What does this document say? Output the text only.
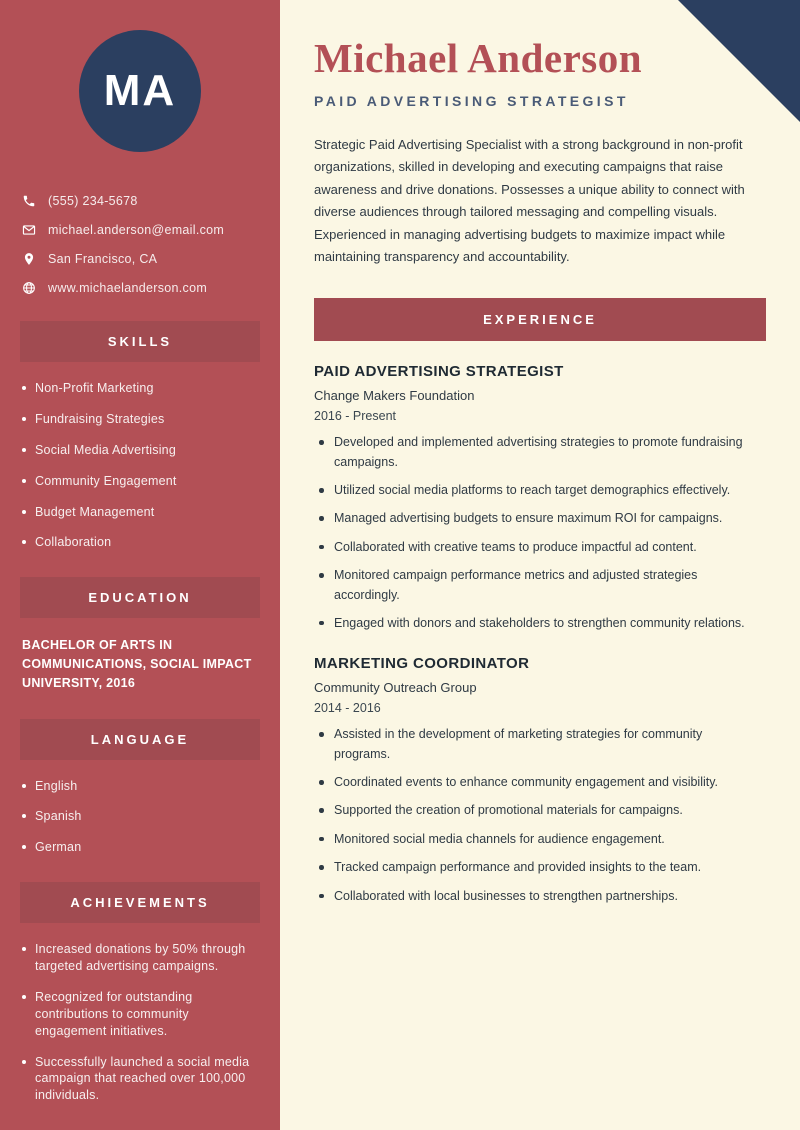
MA
(555) 234-5678
michael.anderson@email.com
San Francisco, CA
www.michaelanderson.com
SKILLS
Non-Profit Marketing
Fundraising Strategies
Social Media Advertising
Community Engagement
Budget Management
Collaboration
EDUCATION
BACHELOR OF ARTS IN COMMUNICATIONS, SOCIAL IMPACT UNIVERSITY, 2016
LANGUAGE
English
Spanish
German
ACHIEVEMENTS
Increased donations by 50% through targeted advertising campaigns.
Recognized for outstanding contributions to community engagement initiatives.
Successfully launched a social media campaign that reached over 100,000 individuals.
Michael Anderson
PAID ADVERTISING STRATEGIST

Strategic Paid Advertising Specialist with a strong background in non-profit organizations, skilled in developing and executing campaigns that raise awareness and drive donations. Possesses a unique ability to connect with diverse audiences through tailored messaging and compelling visuals. Experienced in managing advertising budgets to maximize impact while maintaining transparency and accountability.

EXPERIENCE
PAID ADVERTISING STRATEGIST
Change Makers Foundation
2016 - Present
Developed and implemented advertising strategies to promote fundraising campaigns.
Utilized social media platforms to reach target demographics effectively.
Managed advertising budgets to ensure maximum ROI for campaigns.
Collaborated with creative teams to produce impactful ad content.
Monitored campaign performance metrics and adjusted strategies accordingly.
Engaged with donors and stakeholders to strengthen community relations.
MARKETING COORDINATOR
Community Outreach Group
2014 - 2016
Assisted in the development of marketing strategies for community programs.
Coordinated events to enhance community engagement and visibility.
Supported the creation of promotional materials for campaigns.
Monitored social media channels for audience engagement.
Tracked campaign performance and provided insights to the team.
Collaborated with local businesses to strengthen partnerships.
